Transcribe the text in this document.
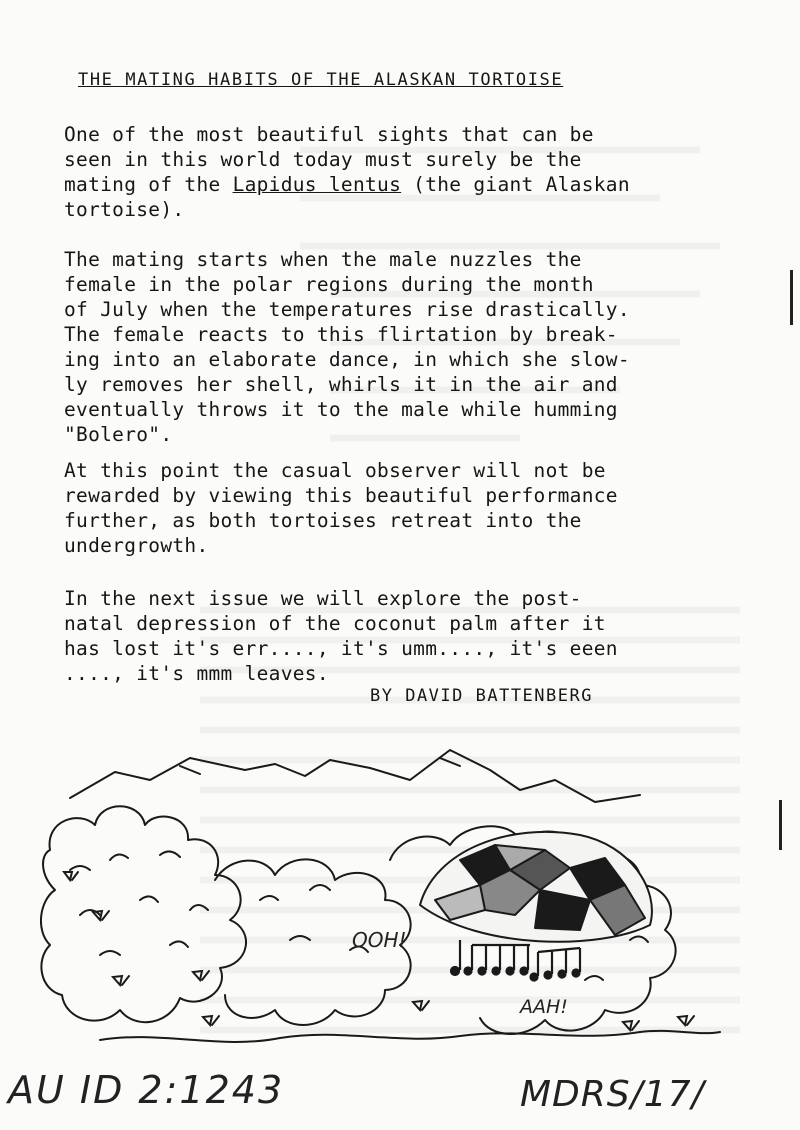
THE MATING HABITS OF THE ALASKAN TORTOISE
One of the most beautiful sights that can be
seen in this world today must surely be the
mating of the Lapidus lentus (the giant Alaskan
tortoise).
The mating starts when the male nuzzles the
female in the polar regions during the month
of July when the temperatures rise drastically.
The female reacts to this flirtation by break-
ing into an elaborate dance, in which she slow-
ly removes her shell, whirls it in the air and
eventually throws it to the male while humming
"Bolero".
At this point the casual observer will not be
rewarded by viewing this beautiful performance
further, as both tortoises retreat into the
undergrowth.
In the next issue we will explore the post-
natal depression of the coconut palm after it
has lost it's err...., it's umm...., it's eeen
...., it's mmm leaves.
BY DAVID BATTENBERG
OOH!
AAH!
AU ID 2:1243	MDRS/17/
